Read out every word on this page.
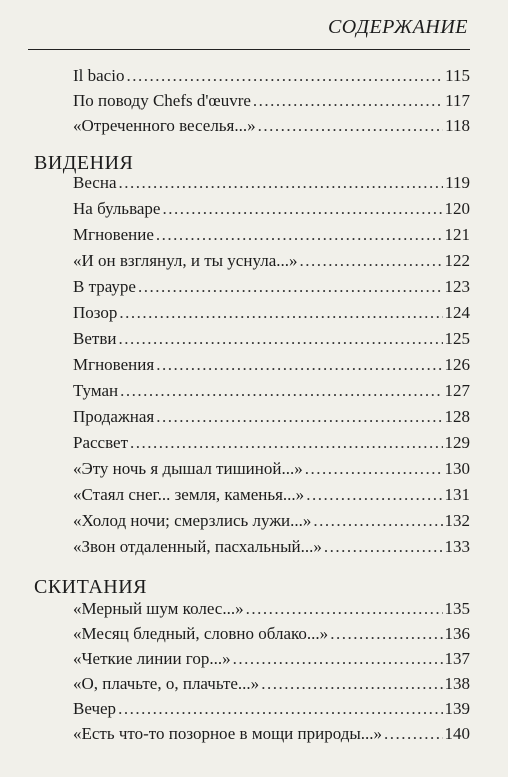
СОДЕРЖАНИЕ
Il bacio .....	115
По поводу Chefs d'œuvre .....	117
«Отреченного веселья...» .....	118
ВИДЕНИЯ
Весна .....	119
На бульваре .....	120
Мгновение .....	121
«И он взглянул, и ты уснула...» .....	122
В трауре .....	123
Позор .....	124
Ветви .....	125
Мгновения .....	126
Туман .....	127
Продажная .....	128
Рассвет .....	129
«Эту ночь я дышал тишиной...» .....	130
«Стаял снег... земля, каменья...» .....	131
«Холод ночи; смерзлись лужи...» .....	132
«Звон отдаленный, пасхальный...» .....	133
СКИТАНИЯ
«Мерный шум колес...» .....	135
«Месяц бледный, словно облако...» .....	136
«Четкие линии гор...» .....	137
«О, плачьте, о, плачьте...» .....	138
Вечер .....	139
«Есть что-то позорное в мощи природы...» .....	140
